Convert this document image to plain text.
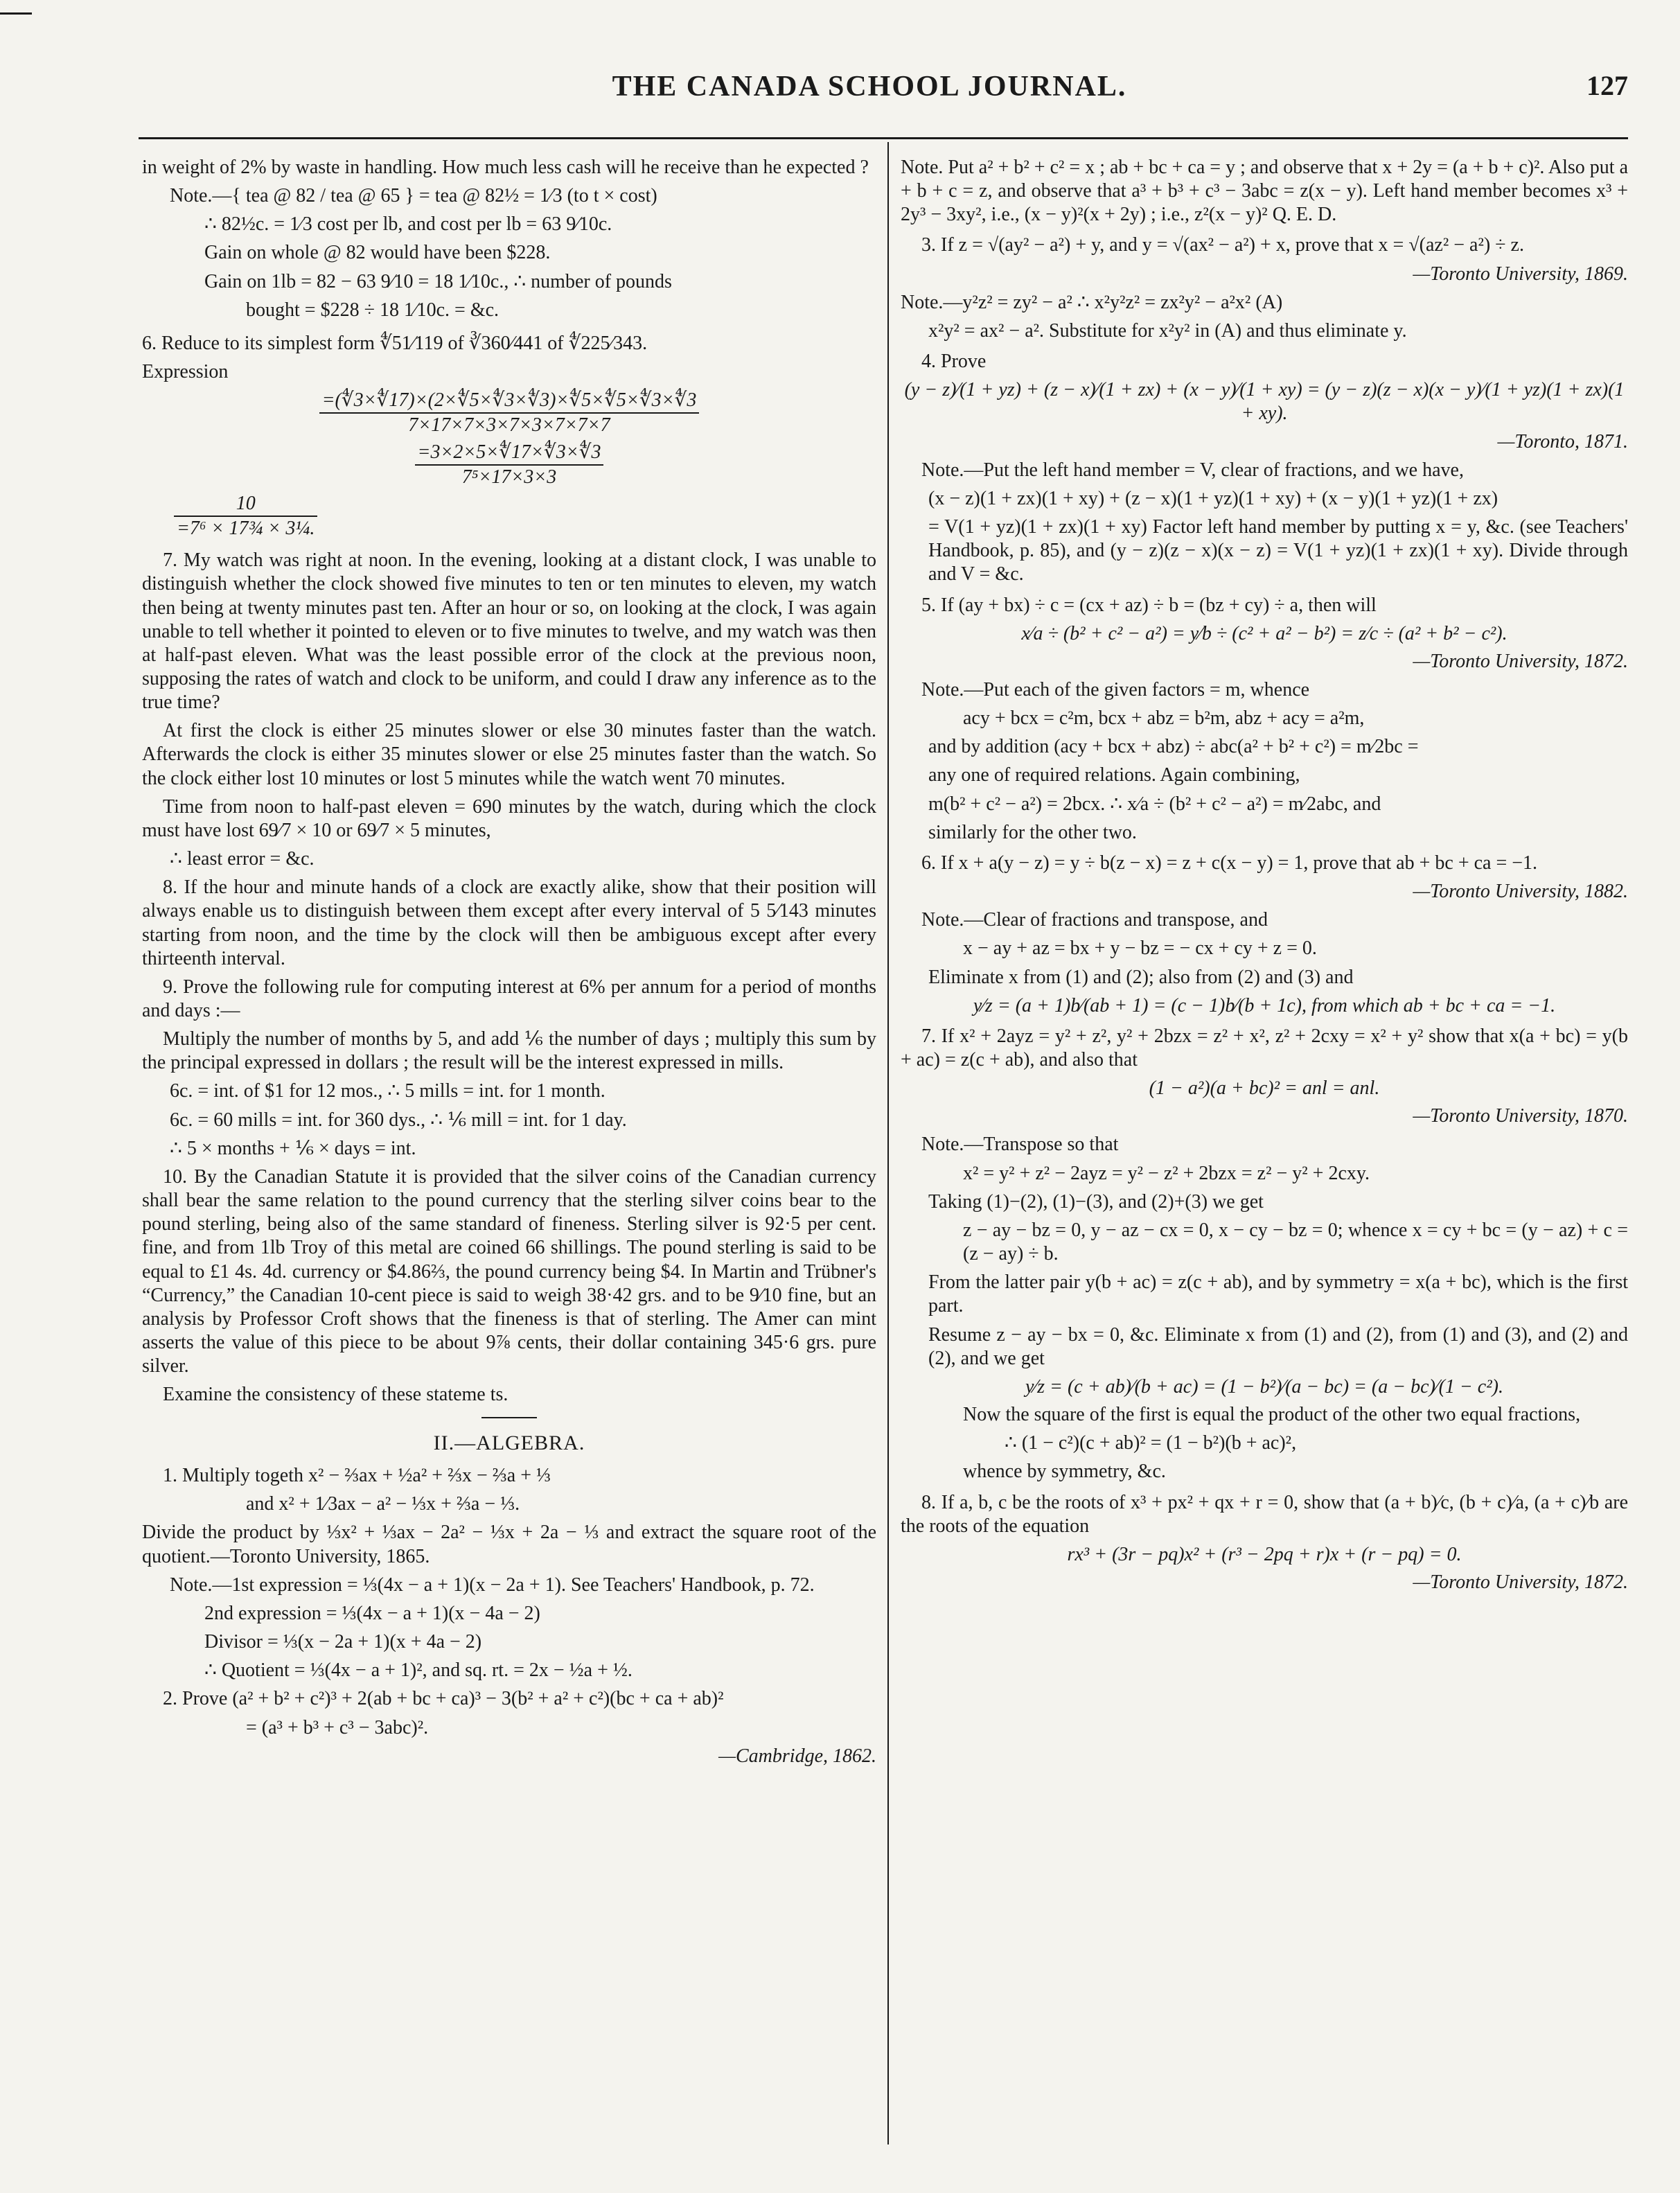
THE CANADA SCHOOL JOURNAL.	127

in weight of 2% by waste in handling. How much less cash will he receive than he expected ?

Note.—{ tea @ 82 / tea @ 65 } = tea @ 82½ = 1⁄3 (to t × cost)

∴ 82½c. = 1⁄3 cost per lb, and cost per lb = 63 9⁄10c.

Gain on whole @ 82 would have been $228.

Gain on 1lb = 82 − 63 9⁄10 = 18 1⁄10c., ∴ number of pounds

bought = $228 ÷ 18 1⁄10c. = &c.

6. Reduce to its simplest form ∜51⁄119 of ∛360⁄441 of ∜225⁄343.

Expression

$\frac{=(∜3\times∜17)\times(2\times∜5\times∜3\times∜3)\times∜5\times∜5\times∜3\times∜3}{7\times 17\times 7\times 3\times 7\times 3\times 7\times 7\times 7}$
$\frac{=3\times 2\times 5\times∜17\times∜3\times∜3}{\text{7⁵×17×3×3}}$
$\frac{10}{\text{=7⁶ × 17¾ × 3¼.}}$

7. My watch was right at noon. In the evening, looking at a distant clock, I was unable to distinguish whether the clock showed five minutes to ten or ten minutes to eleven, my watch then being at twenty minutes past ten. After an hour or so, on looking at the clock, I was again unable to tell whether it pointed to eleven or to five minutes to twelve, and my watch was then at half-past eleven. What was the least possible error of the clock at the previous noon, supposing the rates of watch and clock to be uniform, and could I draw any inference as to the true time?

At first the clock is either 25 minutes slower or else 30 minutes faster than the watch. Afterwards the clock is either 35 minutes slower or else 25 minutes faster than the watch. So the clock either lost 10 minutes or lost 5 minutes while the watch went 70 minutes.

Time from noon to half-past eleven = 690 minutes by the watch, during which the clock must have lost 69⁄7 × 10 or 69⁄7 × 5 minutes,

∴ least error = &c.

8. If the hour and minute hands of a clock are exactly alike, show that their position will always enable us to distinguish between them except after every interval of 5 5⁄143 minutes starting from noon, and the time by the clock will then be ambiguous except after every thirteenth interval.

9. Prove the following rule for computing interest at 6% per annum for a period of months and days :—

Multiply the number of months by 5, and add ⅙ the number of days ; multiply this sum by the principal expressed in dollars ; the result will be the interest expressed in mills.

6c. = int. of $1 for 12 mos., ∴ 5 mills = int. for 1 month.

6c. = 60 mills = int. for 360 dys., ∴ ⅙ mill = int. for 1 day.

∴ 5 × months + ⅙ × days = int.

10. By the Canadian Statute it is provided that the silver coins of the Canadian currency shall bear the same relation to the pound currency that the sterling silver coins bear to the pound sterling, being also of the same standard of fineness. Sterling silver is 92·5 per cent. fine, and from 1lb Troy of this metal are coined 66 shillings. The pound sterling is said to be equal to £1 4s. 4d. currency or $4.86⅔, the pound currency being $4. In Martin and Trübner's “Currency,” the Canadian 10-cent piece is said to weigh 38·42 grs. and to be 9⁄10 fine, but an analysis by Professor Croft shows that the fineness is that of sterling. The Amer can mint asserts the value of this piece to be about 9⅞ cents, their dollar containing 345·6 grs. pure silver.

Examine the consistency of these stateme ts.

II.—ALGEBRA.

1. Multiply togeth x² − ⅔ax + ½a² + ⅔x − ⅔a + ⅓

and x² + 1⁄3ax − a² − ⅓x + ⅔a − ⅓.

Divide the product by ⅓x² + ⅓ax − 2a² − ⅓x + 2a − ⅓ and extract the square root of the quotient.—Toronto University, 1865.

Note.—1st expression = ⅓(4x − a + 1)(x − 2a + 1). See Teachers' Handbook, p. 72.

2nd expression = ⅓(4x − a + 1)(x − 4a − 2)

Divisor = ⅓(x − 2a + 1)(x + 4a − 2)

∴ Quotient = ⅓(4x − a + 1)², and sq. rt. = 2x − ½a + ½.

2. Prove (a² + b² + c²)³ + 2(ab + bc + ca)³ − 3(b² + a² + c²)(bc + ca + ab)²

= (a³ + b³ + c³ − 3abc)².

—Cambridge, 1862.

Note. Put a² + b² + c² = x ; ab + bc + ca = y ; and observe that x + 2y = (a + b + c)². Also put a + b + c = z, and observe that a³ + b³ + c³ − 3abc = z(x − y). Left hand member becomes x³ + 2y³ − 3xy², i.e., (x − y)²(x + 2y) ; i.e., z²(x − y)² Q. E. D.

3. If z = √(ay² − a²) + y, and y = √(ax² − a²) + x, prove that x = √(az² − a²) ÷ z.

—Toronto University, 1869.

Note.—y²z² = zy² − a² ∴ x²y²z² = zx²y² − a²x² (A)

x²y² = ax² − a². Substitute for x²y² in (A) and thus eliminate y.

4. Prove

(y − z)⁄(1 + yz) + (z − x)⁄(1 + zx) + (x − y)⁄(1 + xy) = (y − z)(z − x)(x − y)⁄(1 + yz)(1 + zx)(1 + xy).

—Toronto, 1871.

Note.—Put the left hand member = V, clear of fractions, and we have,

(x − z)(1 + zx)(1 + xy) + (z − x)(1 + yz)(1 + xy) + (x − y)(1 + yz)(1 + zx)

= V(1 + yz)(1 + zx)(1 + xy) Factor left hand member by putting x = y, &c. (see Teachers' Handbook, p. 85), and (y − z)(z − x)(x − z) = V(1 + yz)(1 + zx)(1 + xy). Divide through and V = &c.

5. If (ay + bx) ÷ c = (cx + az) ÷ b = (bz + cy) ÷ a, then will

x⁄a ÷ (b² + c² − a²) = y⁄b ÷ (c² + a² − b²) = z⁄c ÷ (a² + b² − c²).

—Toronto University, 1872.

Note.—Put each of the given factors = m, whence

acy + bcx = c²m, bcx + abz = b²m, abz + acy = a²m,

and by addition (acy + bcx + abz) ÷ abc(a² + b² + c²) = m⁄2bc =

any one of required relations. Again combining,

m(b² + c² − a²) = 2bcx. ∴ x⁄a ÷ (b² + c² − a²) = m⁄2abc, and

similarly for the other two.

6. If x + a(y − z) = y ÷ b(z − x) = z + c(x − y) = 1, prove that ab + bc + ca = −1.

—Toronto University, 1882.

Note.—Clear of fractions and transpose, and

x − ay + az = bx + y − bz = − cx + cy + z = 0.

Eliminate x from (1) and (2); also from (2) and (3) and

y⁄z = (a + 1)b⁄(ab + 1) = (c − 1)b⁄(b + 1c), from which ab + bc + ca = −1.

7. If x² + 2ayz = y² + z², y² + 2bzx = z² + x², z² + 2cxy = x² + y² show that x(a + bc) = y(b + ac) = z(c + ab), and also that

(1 − a²)(a + bc)² = anl = anl.

—Toronto University, 1870.

Note.—Transpose so that

x² = y² + z² − 2ayz = y² − z² + 2bzx = z² − y² + 2cxy.

Taking (1)−(2), (1)−(3), and (2)+(3) we get

z − ay − bz = 0, y − az − cx = 0, x − cy − bz = 0; whence x = cy + bc = (y − az) + c = (z − ay) ÷ b.

From the latter pair y(b + ac) = z(c + ab), and by symmetry = x(a + bc), which is the first part.

Resume z − ay − bx = 0, &c. Eliminate x from (1) and (2), from (1) and (3), and (2) and (2), and we get

y⁄z = (c + ab)⁄(b + ac) = (1 − b²)⁄(a − bc) = (a − bc)⁄(1 − c²).

Now the square of the first is equal the product of the other two equal fractions,

∴ (1 − c²)(c + ab)² = (1 − b²)(b + ac)²,

whence by symmetry, &c.

8. If a, b, c be the roots of x³ + px² + qx + r = 0, show that (a + b)⁄c, (b + c)⁄a, (a + c)⁄b are the roots of the equation

rx³ + (3r − pq)x² + (r³ − 2pq + r)x + (r − pq) = 0.

—Toronto University, 1872.
